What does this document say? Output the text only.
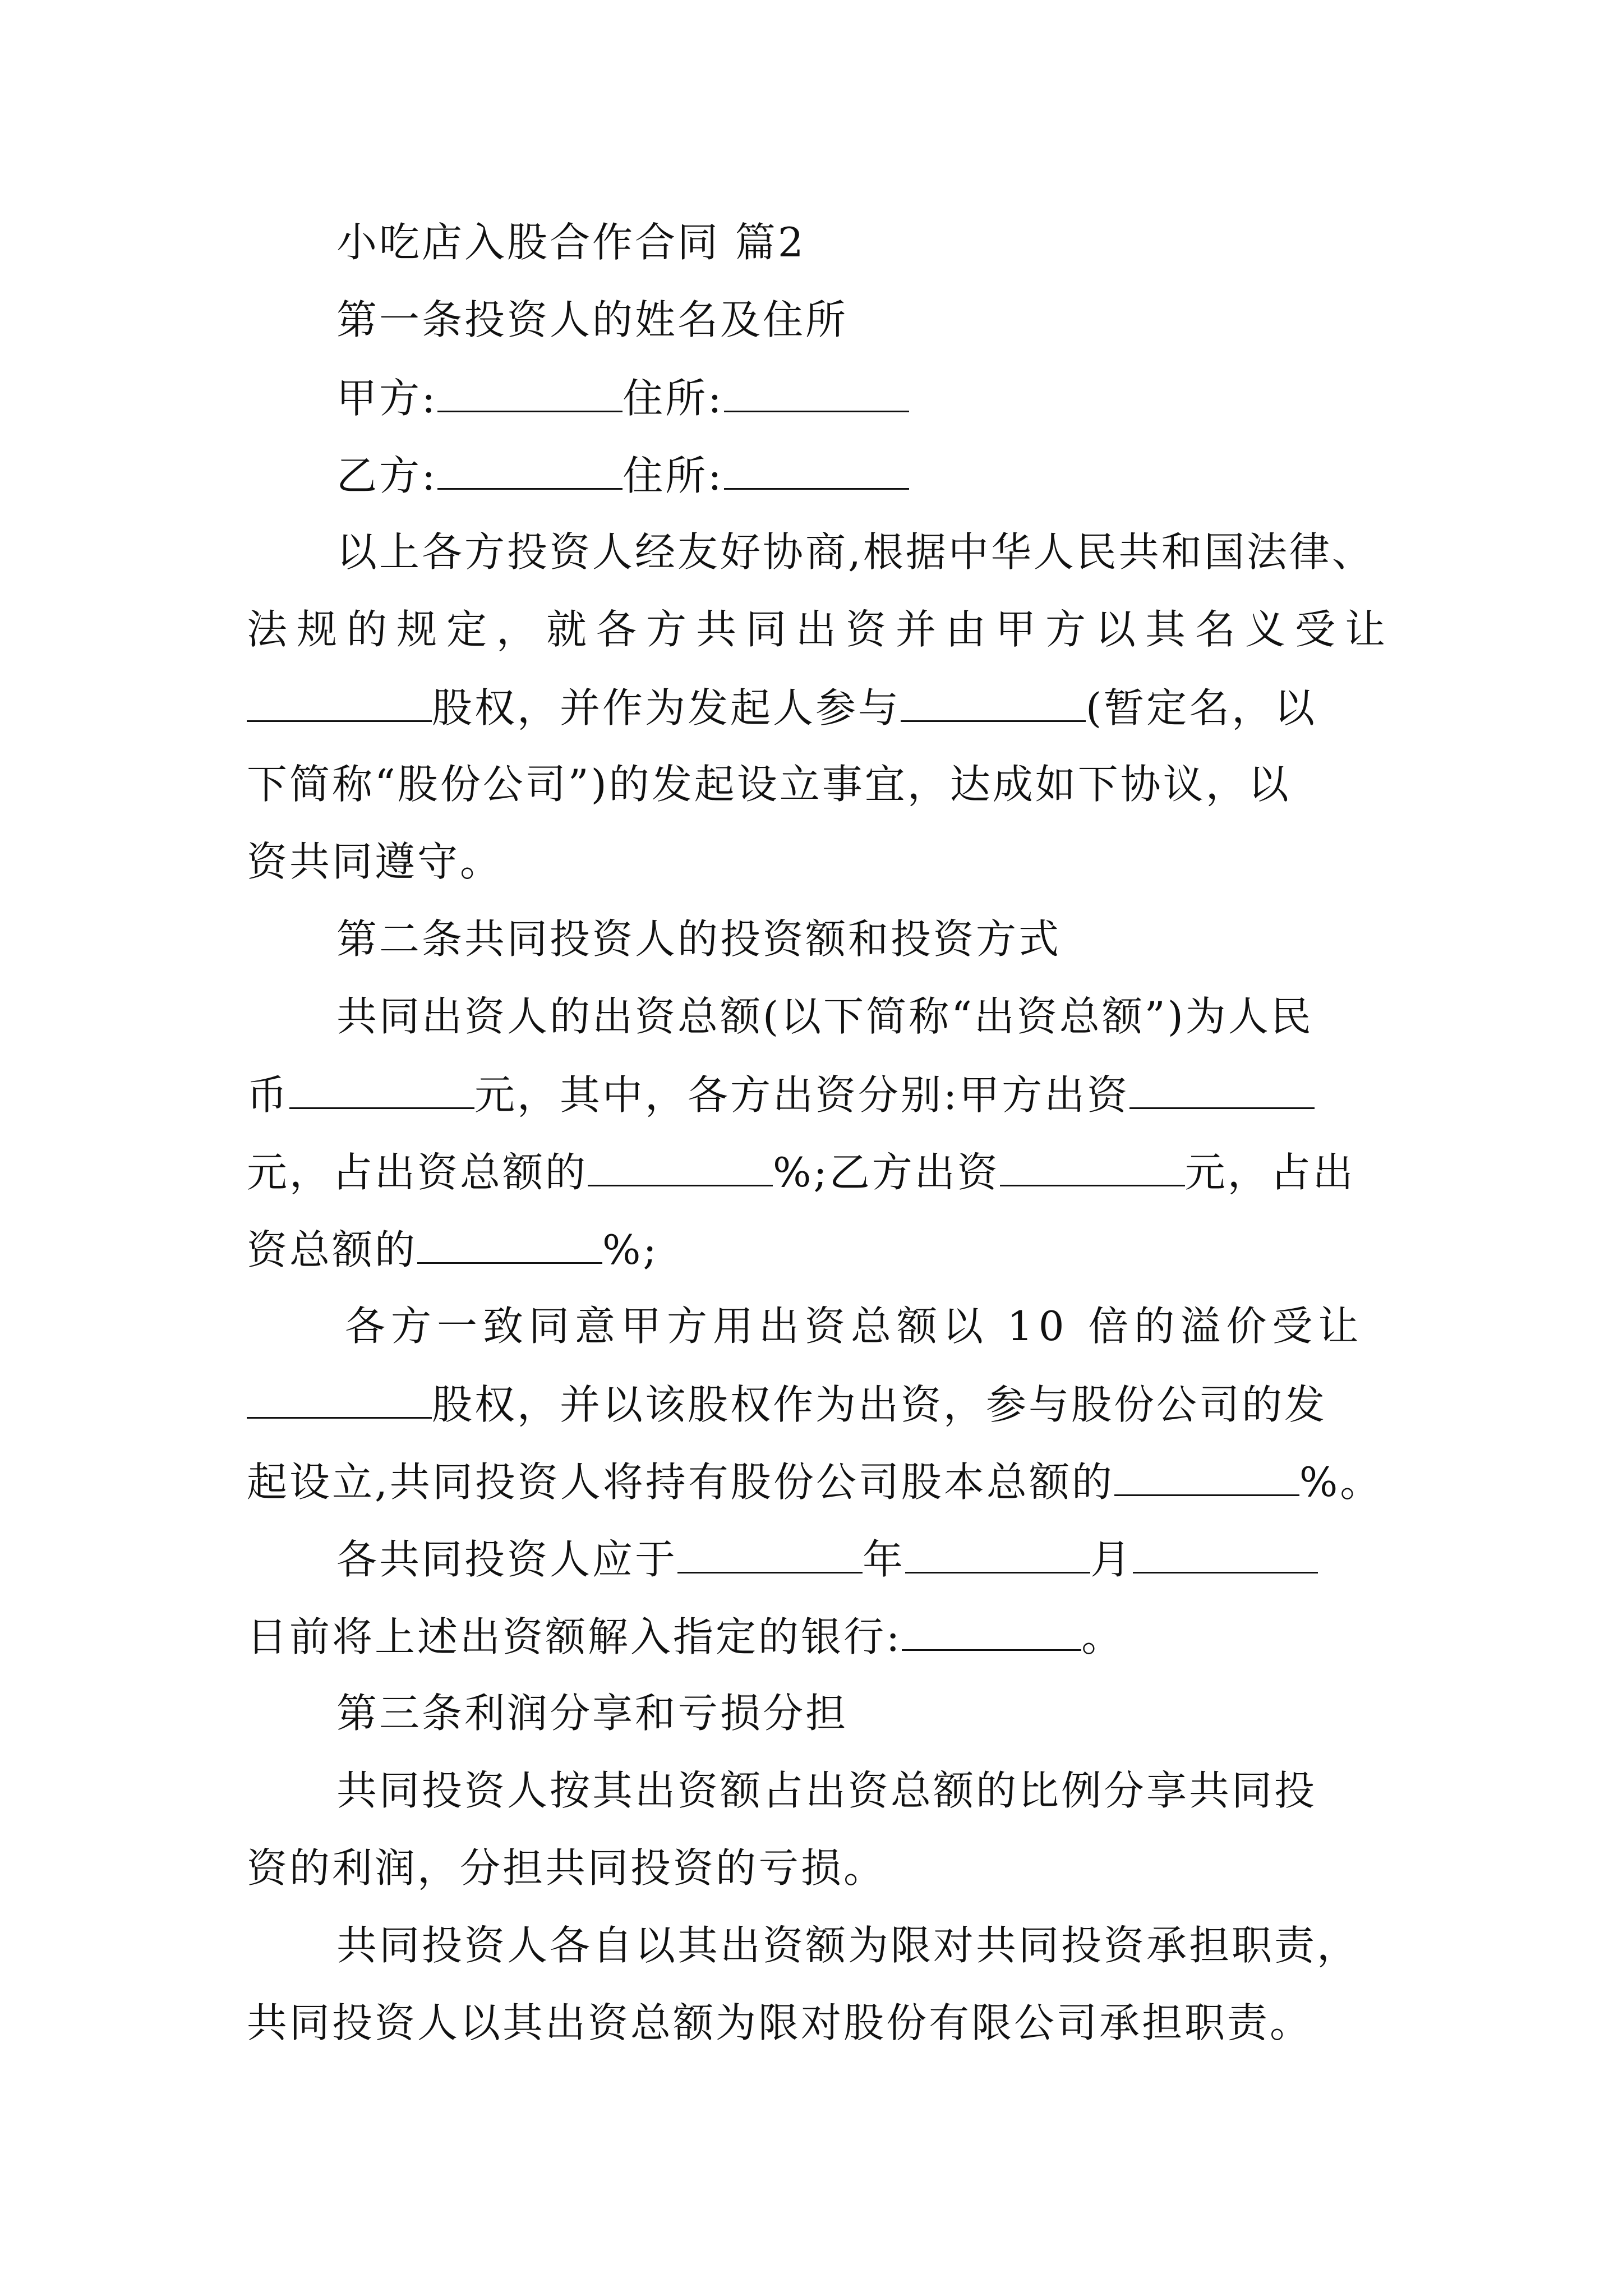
小吃店入股合作合同 篇2
第一条投资人的姓名及住所
甲方:	住所:
乙方:	住所:
以上各方投资人经友好协商,根据中华人民共和国法律、
法规的规定，就各方共同出资并由甲方以其名义受让
股权，并作为发起人参与	(暂定名，以
下简称“股份公司”)的发起设立事宜，达成如下协议，以
资共同遵守。
第二条共同投资人的投资额和投资方式
共同出资人的出资总额(以下简称“出资总额”)为人民
币	元，其中，各方出资分别:甲方出资
元，占出资总额的	%;乙方出资	元，占出
资总额的	%;
各方一致同意甲方用出资总额以 10 倍的溢价受让
股权，并以该股权作为出资，参与股份公司的发
起设立,共同投资人将持有股份公司股本总额的	%。
各共同投资人应于	年	月
日前将上述出资额解入指定的银行:	。
第三条利润分享和亏损分担
共同投资人按其出资额占出资总额的比例分享共同投
资的利润，分担共同投资的亏损。
共同投资人各自以其出资额为限对共同投资承担职责，
共同投资人以其出资总额为限对股份有限公司承担职责。
